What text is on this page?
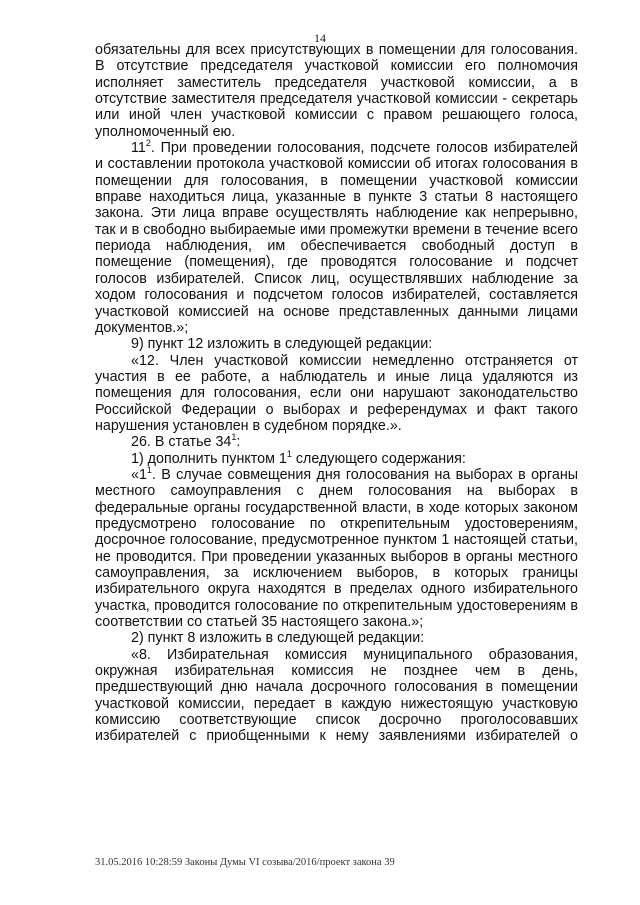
14

обязательны для всех присутствующих в помещении для голосования. В отсутствие председателя участковой комиссии его полномочия исполняет заместитель председателя участковой комиссии, а в отсутствие заместителя председателя участковой комиссии - секретарь или иной член участковой комиссии с правом решающего голоса, уполномоченный ею.

$11^2$. При проведении голосования, подсчете голосов избирателей и составлении протокола участковой комиссии об итогах голосования в помещении для голосования, в помещении участковой комиссии вправе находиться лица, указанные в пункте 3 статьи 8 настоящего закона. Эти лица вправе осуществлять наблюдение как непрерывно, так и в свободно выбираемые ими промежутки времени в течение всего периода наблюдения, им обеспечивается свободный доступ в помещение (помещения), где проводятся голосование и подсчет голосов избирателей. Список лиц, осуществлявших наблюдение за ходом голосования и подсчетом голосов избирателей, составляется участковой комиссией на основе представленных данными лицами документов.»;

9) пункт 12 изложить в следующей редакции:

«12. Член участковой комиссии немедленно отстраняется от участия в ее работе, а наблюдатель и иные лица удаляются из помещения для голосования, если они нарушают законодательство Российской Федерации о выборах и референдумах и факт такого нарушения установлен в судебном порядке.».

26. В статье $34^1$:

1) дополнить пунктом $1^1$ следующего содержания:

«$1^1$. В случае совмещения дня голосования на выборах в органы местного самоуправления с днем голосования на выборах в федеральные органы государственной власти, в ходе которых законом предусмотрено голосование по открепительным удостоверениям, досрочное голосование, предусмотренное пунктом 1 настоящей статьи, не проводится. При проведении указанных выборов в органы местного самоуправления, за исключением выборов, в которых границы избирательного округа находятся в пределах одного избирательного участка, проводится голосование по открепительным удостоверениям в соответствии со статьей 35 настоящего закона.»;

2) пункт 8 изложить в следующей редакции:

«8. Избирательная комиссия муниципального образования, окружная избирательная комиссия не позднее чем в день, предшествующий дню начала досрочного голосования в помещении участковой комиссии, передает в каждую нижестоящую участковую комиссию соответствующие список досрочно проголосовавших избирателей с приобщенными к нему заявлениями избирателей о

31.05.2016 10:28:59 Законы Думы VI созыва/2016/проект закона 39
